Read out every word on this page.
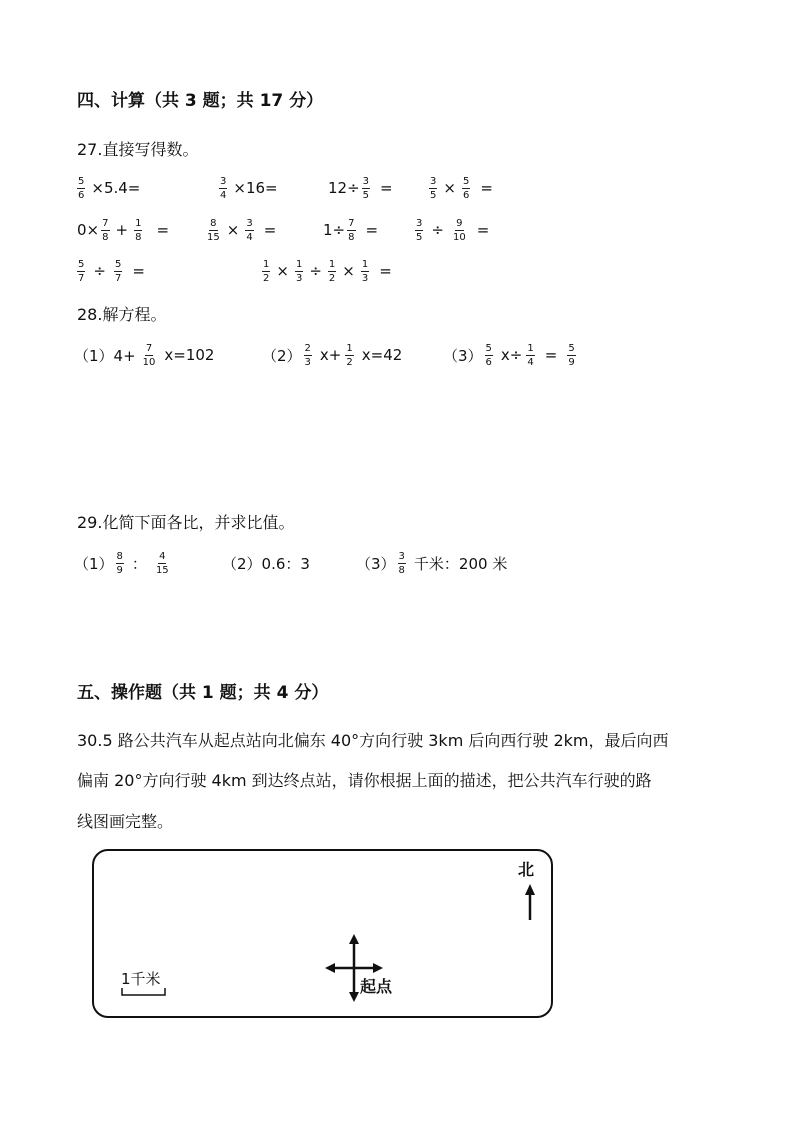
四、计算（共 3 题；共 17 分）
27.直接写得数。
$\frac{5}{6} \times 5.4=$	$\frac{3}{4} \times 16=$	$12\div \frac{3}{5}$ =	$\frac{3}{5} \times \frac{5}{6}$ =
$0\times \frac{7}{8} + \frac{1}{8}$ =	$\frac{8}{15} \times \frac{3}{4}$ =	$1\div \frac{7}{8}$ =	$\frac{3}{5} \div \frac{9}{10}$ =
$\frac{5}{7} \div \frac{5}{7}$ =	$\frac{1}{2} \times \frac{1}{3} \div \frac{1}{2} \times \frac{1}{3}$ =
28.解方程。
$(1)4+ \frac{7}{10} x=102$	$(2) \frac{2}{3} x+ \frac{1}{2} x=42$	$(3) \frac{5}{6} x\div \frac{1}{4} = \frac{5}{9}$
29.化简下面各比，并求比值。
$(1) \frac{8}{9}$ ： $\frac{4}{15}$	（2）0.6：3	$(3) \frac{3}{8}$ 千米：200 米
五、操作题（共 1 题；共 4 分）
30.5 路公共汽车从起点站向北偏东 40°方向行驶 3km 后向西行驶 2km，最后向西
偏南 20°方向行驶 4km 到达终点站，请你根据上面的描述，把公共汽车行驶的路
线图画完整。
北
1千米	起点
